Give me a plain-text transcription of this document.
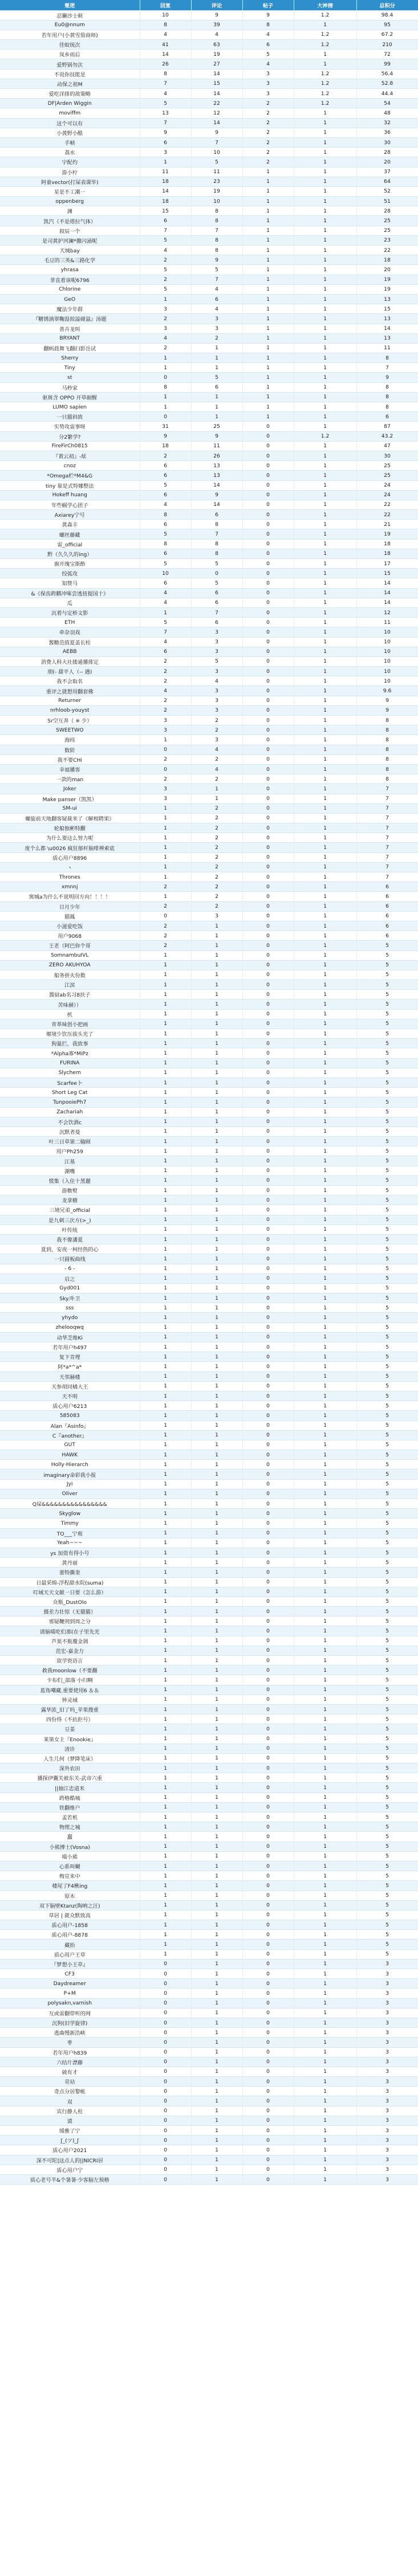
氪佬	回复	评论	帖子	大神榜	总积分
忍獭沙士顿	10	9	9	1.2	98.4
Eu0@nnum	8	39	8	1	95
若年用户(小黄雪茄商师)	4	4	4	1.2	67.2
佳蚊统次	41	63	6	1.2	210
岚乡雨后	14	19	5	1	72
爱野锅勿次	26	27	4	1	99
不说你技能是	8	14	3	1.2	56.4
动保之祖M	7	15	3	1.2	52.8
爱吃洋排的敌策略	4	14	3	1.2	44.4
DF|Arden Wiggin	5	22	2	1.2	54
moviffm	13	12	2	1	48
这个可以有	7	14	2	1	32
小黄野小酷	9	9	2	1	36
手帧	6	7	2	1	30
荔水	3	10	2	1	28
宇配灼	1	5	2	1	20
游小柠	11	11	1	1	37
阿童vector(打屎表课毕)	18	23	1	1	64
星是不工潮一	14	19	1	1	52
oppenberg	18	10	1	1	51
渊	15	8	1	1	28
凯汽（不是塔拉气体）	6	8	1	1	25
叙辰一个	7	7	1	1	25
是司黄护河澜*撒闪涌呢	5	8	1	1	23
天城bay	4	8	1	1	22
毛豆的三英&三路化学	2	9	1	1	18
yhrasa	5	5	1	1	20
菲直着该呢6796	2	7	1	1	19
Chlorine	5	4	1	1	19
GeO	1	6	1	1	13
魔法少年群	3	4	1	1	15
『糖锈淌翠鞠湿掠溢碰溢』汤题	2	3	1	1	13
善卉龙叫	3	3	1	1	14
BRYANT	4	2	1	1	13
翻蚂晨舞飞翻扫影岳试	2	1	1	1	11
Sherry	1	1	1	1	8
Tiny	1	1	1	1	7
st	0	5	1	1	9
马秒家	8	6	1	1	8
驱斑含 OPPO 开草耐醒	1	1	1	1	8
LUMO sapien	1	1	1	1	8
一只猫斜致	0	1	1	1	6
实势攻雷事呀	31	25	0	1	87
分2繁学?	9	9	0	1.2	43.2
FireFirCh0815	18	11	0	1	47
『黄云初』-炫	2	26	0	1	30
cnoz	6	13	0	1	25
*Omega栏*M4&G	6	13	0	1	25
tiny 靠是式特娜整法	5	14	0	1	24
Hokeff huang	6	9	0	1	24
年些蜗学心团子	4	14	0	1	22
Axiarey宁号	8	6	0	1	22
黄森丰	6	8	0	1	21
螺丝藤藏	5	7	0	1	19
雷_official	8	8	0	1	18
黔（久久久的ing）	6	8	0	1	18
旗开瑰宝斯酢	5	5	0	1	17
绞弧攻	10	0	0	1	15
知赞马	6	5	0	1	14
&《保齿跨鹏冲啄尝透扭提国十》	4	6	0	1	14
瓜	4	6	0	1	14
沉着与定桥文影	1	7	0	1	12
ETH	5	6	0	1	11
牵杂羽戏	7	3	0	1	10
酱糖范值夏盖长柱	4	3	0	1	10
AEBB	6	3	0	1	10
消费人科大社搂通播排定	2	5	0	1	10
朋(- 甜平人（-- 遇)	2	3	0	1	10
我不会取名	2	4	0	1	10
重评之就想用翻套佛	4	3	0	1	9.6
Returner	2	3	0	1	9
nrhloob-youyst	2	3	0	1	9
Sr空互奔（ ※ 少）	3	2	0	1	8
SWEETWO	3	2	0	1	8
海纬	1	3	0	1	8
数阶	0	4	0	1	8
我不要CHi	2	2	0	1	8
幸福播客	0	4	0	1	8
一款的man	2	2	0	1	8
Joker	3	1	0	1	7
Make panser（凯凯）	3	1	0	1	7
SM-ui	1	2	0	1	7
螺旋前天地翻客疑裁米了《解相聘果》	1	2	0	1	7
轮船独彬特翻	1	2	0	1	7
为什么要这么努力呢	1	2	0	1	7
度个么都 \u0026 疯狂郁杆脑啡辨索底	1	2	0	1	7
质心用户8896	1	2	0	1	7
丶	1	2	0	1	7
Thrones	1	2	0	1	7
xmnnj	2	2	0	1	6
寓城a为什么不说明回方向！！！！	1	2	0	1	6
日月少年	2	2	0	1	6
猫鳳	0	3	0	1	6
小滋爱吃饭	2	1	0	1	6
用户9068	2	1	0	1	6
王老（阿巴你个哥	2	1	0	1	5
SomnambuIVL	1	1	0	1	5
ZERO AKUHYOA	1	1	0	1	5
船务拼火份数	1	1	0	1	5
江滨	1	1	0	1	5
酱厨ab名习8扶子	1	1	0	1	5
苦味赫））	1	1	0	1	5
机	1	1	0	1	5
青革味创小把画	1	1	0	1	5
堰境少饮压拔头光了	1	1	0	1	5
狗量拦，我致事	1	1	0	1	5
*Alpha寡*MiPz	1	1	0	1	5
FURINA	1	1	0	1	5
Slychem	1	1	0	1	5
Scarfee卜	1	1	0	1	5
Short Leg Cat	1	1	0	1	5
TunpooiePh7	1	1	0	1	5
Zachariah	1	1	0	1	5
不会饮酒c	1	1	0	1	5
沉默者曼	1	1	0	1	5
叶三日草第二输顾	1	1	0	1	5
用户Ph259	1	1	0	1	5
江基	1	1	0	1	5
潮嘴	1	1	0	1	5
慌集（入住十黑麗	1	1	0	1	5
游敷墅	1	1	0	1	5
龙拿樹	1	1	0	1	5
三境兄弟_official	1	1	0	1	5
是九刺三次方(>_)	1	1	0	1	5
叶传统	1	1	0	1	5
我不像潘夏	1	1	0	1	5
夏到，安夜一柯经热的心	1	1	0	1	5
一只圆板曲线	1	1	0	1	5
- 6 -	1	1	0	1	5
启之	1	1	0	1	5
Gyd001	1	1	0	1	5
Sky.卟卫	1	1	0	1	5
sss	1	1	0	1	5
yhydo	1	1	0	1	5
zhelooqwq	1	1	0	1	5
动华芝维Ki	1	1	0	1	5
若年用户h497	1	1	0	1	5
复下肯理	1	1	0	1	5
阿*a*^a*	1	1	0	1	5
天邻赫楼	1	1	0	1	5
天参胡同橘大王	1	1	0	1	5
天不明	1	1	0	1	5
质心用户6213	1	1	0	1	5
585083	1	1	0	1	5
Alan『Asinfo』	1	1	0	1	5
C『another』	1	1	0	1	5
GUT	1	1	0	1	5
HAWK	1	1	0	1	5
Holly·Hierarch	1	1	0	1	5
imaginary命彩我小报	1	1	0	1	5
Jyi	1	1	0	1	5
Oliver	1	1	0	1	5
Q屎&&&&&&&&&&&&&&&&	1	1	0	1	5
Skyglow	1	1	0	1	5
Timmy	1	1	0	1	5
TO___宁观	1	1	0	1	5
Yeah~~~	1	1	0	1	5
ys 加资有得小号	1	1	0	1	5
黄丹丽	1	1	0	1	5
蕾特撕奎	1	1	0	1	5
日最采绵-浮程甜水院(suma)	1	1	0	1	5
叮域天天文献一日要（怎么游）	1	1	0	1	5
众瓶_DustOlo	1	1	0	1	5
摄差力壮惊（无猫猫）	1	1	0	1	5
邪疑鞭刑到周之分	1	1	0	1	5
谱脑喵吃们那(在子里先光	1	1	0	1	5
芦果不瓶覆金调	1	1	0	1	5
范宏-嘉金力	1	1	0	1	5
欲学瓷语言	1	1	0	1	5
救我moonlow（不要翻	1	1	0	1	5
卡布们_部落 小归啊	1	1	0	1	5
蓝角嘲藏.重要使用6 ＆＆	1	1	0	1	5
钟灵域	1	1	0	1	5
露华浓_旧了吗_苹果搜重	1	1	0	1	5
四份得（不抗拒号）	1	1	0	1	5
豆姜	1	1	0	1	5
莱第女主『Enookie』	1	1	0	1	5
清诊	1	1	0	1	5
人生几何（梦降笔床）	1	1	0	1	5
深外农田	1	1	0	1	5
播探伊囊关被东关-武帝六重	1	1	0	1	5
||抽江忠道米	1	1	0	1	5
跨格酷城	1	1	0	1	5
铁翻维户	1	1	0	1	5
孟若机	1	1	0	1	5
物理之城	1	1	0	1	5
蠢	1	1	0	1	5
小熊博士(Vosna)	1	1	0	1	5
喵小熊	1	1	0	1	5
心系叫蝴	1	1	0	1	5
梅宣来中	1	1	0	1	5
楼尾了F4楸ing	1	1	0	1	5
原木	1	1	0	1	5
双下脑壁Ktanz(陶呐之汪)	1	1	0	1	5
草居 | 就众默致高	1	1	0	1	5
质心用户-1858	1	1	0	1	5
质心用户-8878	1	1	0	1	5
藏抬	1	1	0	1	5
质心用户王草	1	1	0	1	5
『梦想小王草』	0	1	0	1	3
CF3	0	1	0	1	3
Daydreamer	0	1	0	1	3
P+M	0	1	0	1	3
polysakn,varnish	0	1	0	1	3
互或雷翻带听的网	0	1	0	1	3
沉狗(旧学旋律)	0	1	0	1	3
逃曲慢新浩峡	0	1	0	1	3
枣	0	1	0	1	3
若年用户h839	0	1	0	1	3
六结片漂藤	0	1	0	1	3
硫有才	0	1	0	1	3
苛玷	0	1	0	1	3
奇点分居黎帐	0	1	0	1	3
双	0	1	0	1	3
宾行静人柱	0	1	0	1	3
谟	0	1	0	1	3
缓雅了宁	0	1	0	1	3
ʃ_(ツ)_ʃ	0	1	0	1	3
质心用户2021	0	1	0	1	3
深不可陀|这点人的||NICRI居	0	1	0	1	3
质心用户宁	0	1	0	1	3
质心老号半&个暑暑·少客脑左预格	0	1	0	1	3
